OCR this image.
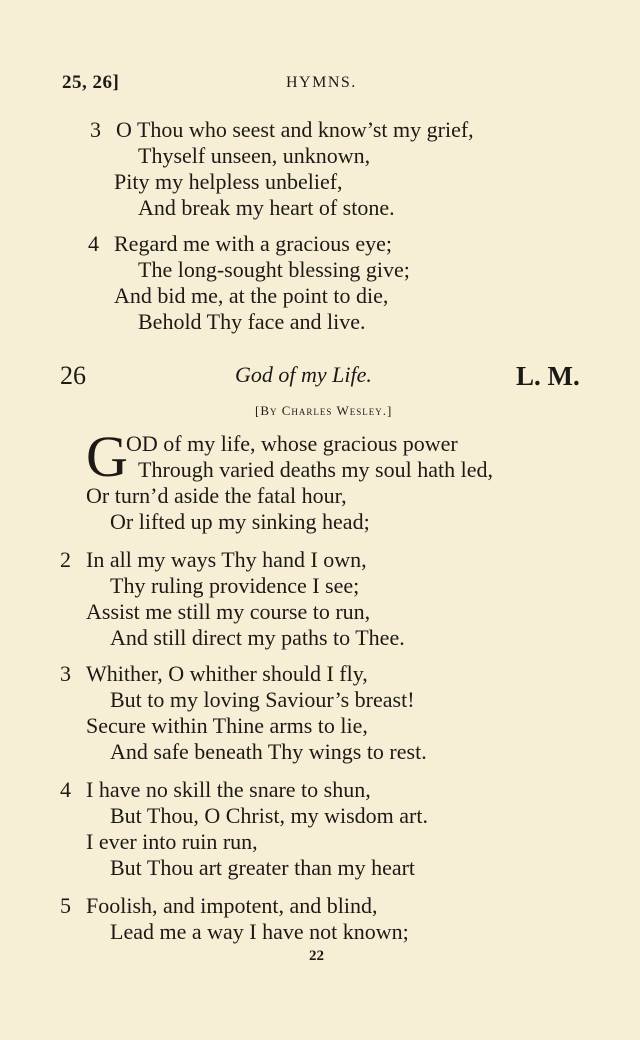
25, 26]	HYMNS.
3 O Thou who seest and know’st my grief,
Thyself unseen, unknown,
Pity my helpless unbelief,
And break my heart of stone.
4 Regard me with a gracious eye;
The long-sought blessing give;
And bid me, at the point to die,
Behold Thy face and live.
26	God of my Life.	L. M.
[By Charles Wesley.]
G
OD of my life, whose gracious power
Through varied deaths my soul hath led,
Or turn’d aside the fatal hour,
Or lifted up my sinking head;
2 In all my ways Thy hand I own,
Thy ruling providence I see;
Assist me still my course to run,
And still direct my paths to Thee.
3 Whither, O whither should I fly,
But to my loving Saviour’s breast!
Secure within Thine arms to lie,
And safe beneath Thy wings to rest.
4 I have no skill the snare to shun,
But Thou, O Christ, my wisdom art.
I ever into ruin run,
But Thou art greater than my heart
5 Foolish, and impotent, and blind,
Lead me a way I have not known;
22
